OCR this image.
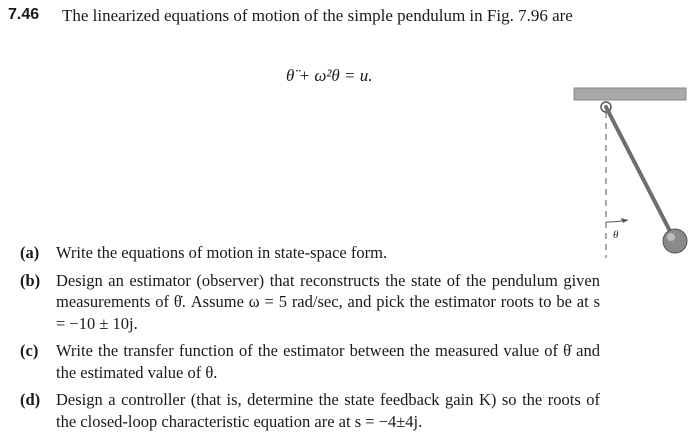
7.46 The linearized equations of motion of the simple pendulum in Fig. 7.96 are
θ̈ + ω²θ = u.
θ
(a) Write the equations of motion in state-space form.
(b) Design an estimator (observer) that reconstructs the state of the pendulum given measurements of θ̇. Assume ω = 5 rad/sec, and pick the estimator roots to be at s = −10 ± 10j.
(c) Write the transfer function of the estimator between the measured value of θ̇ and the estimated value of θ.
(d) Design a controller (that is, determine the state feedback gain K) so the roots of the closed-loop characteristic equation are at s = −4±4j.
